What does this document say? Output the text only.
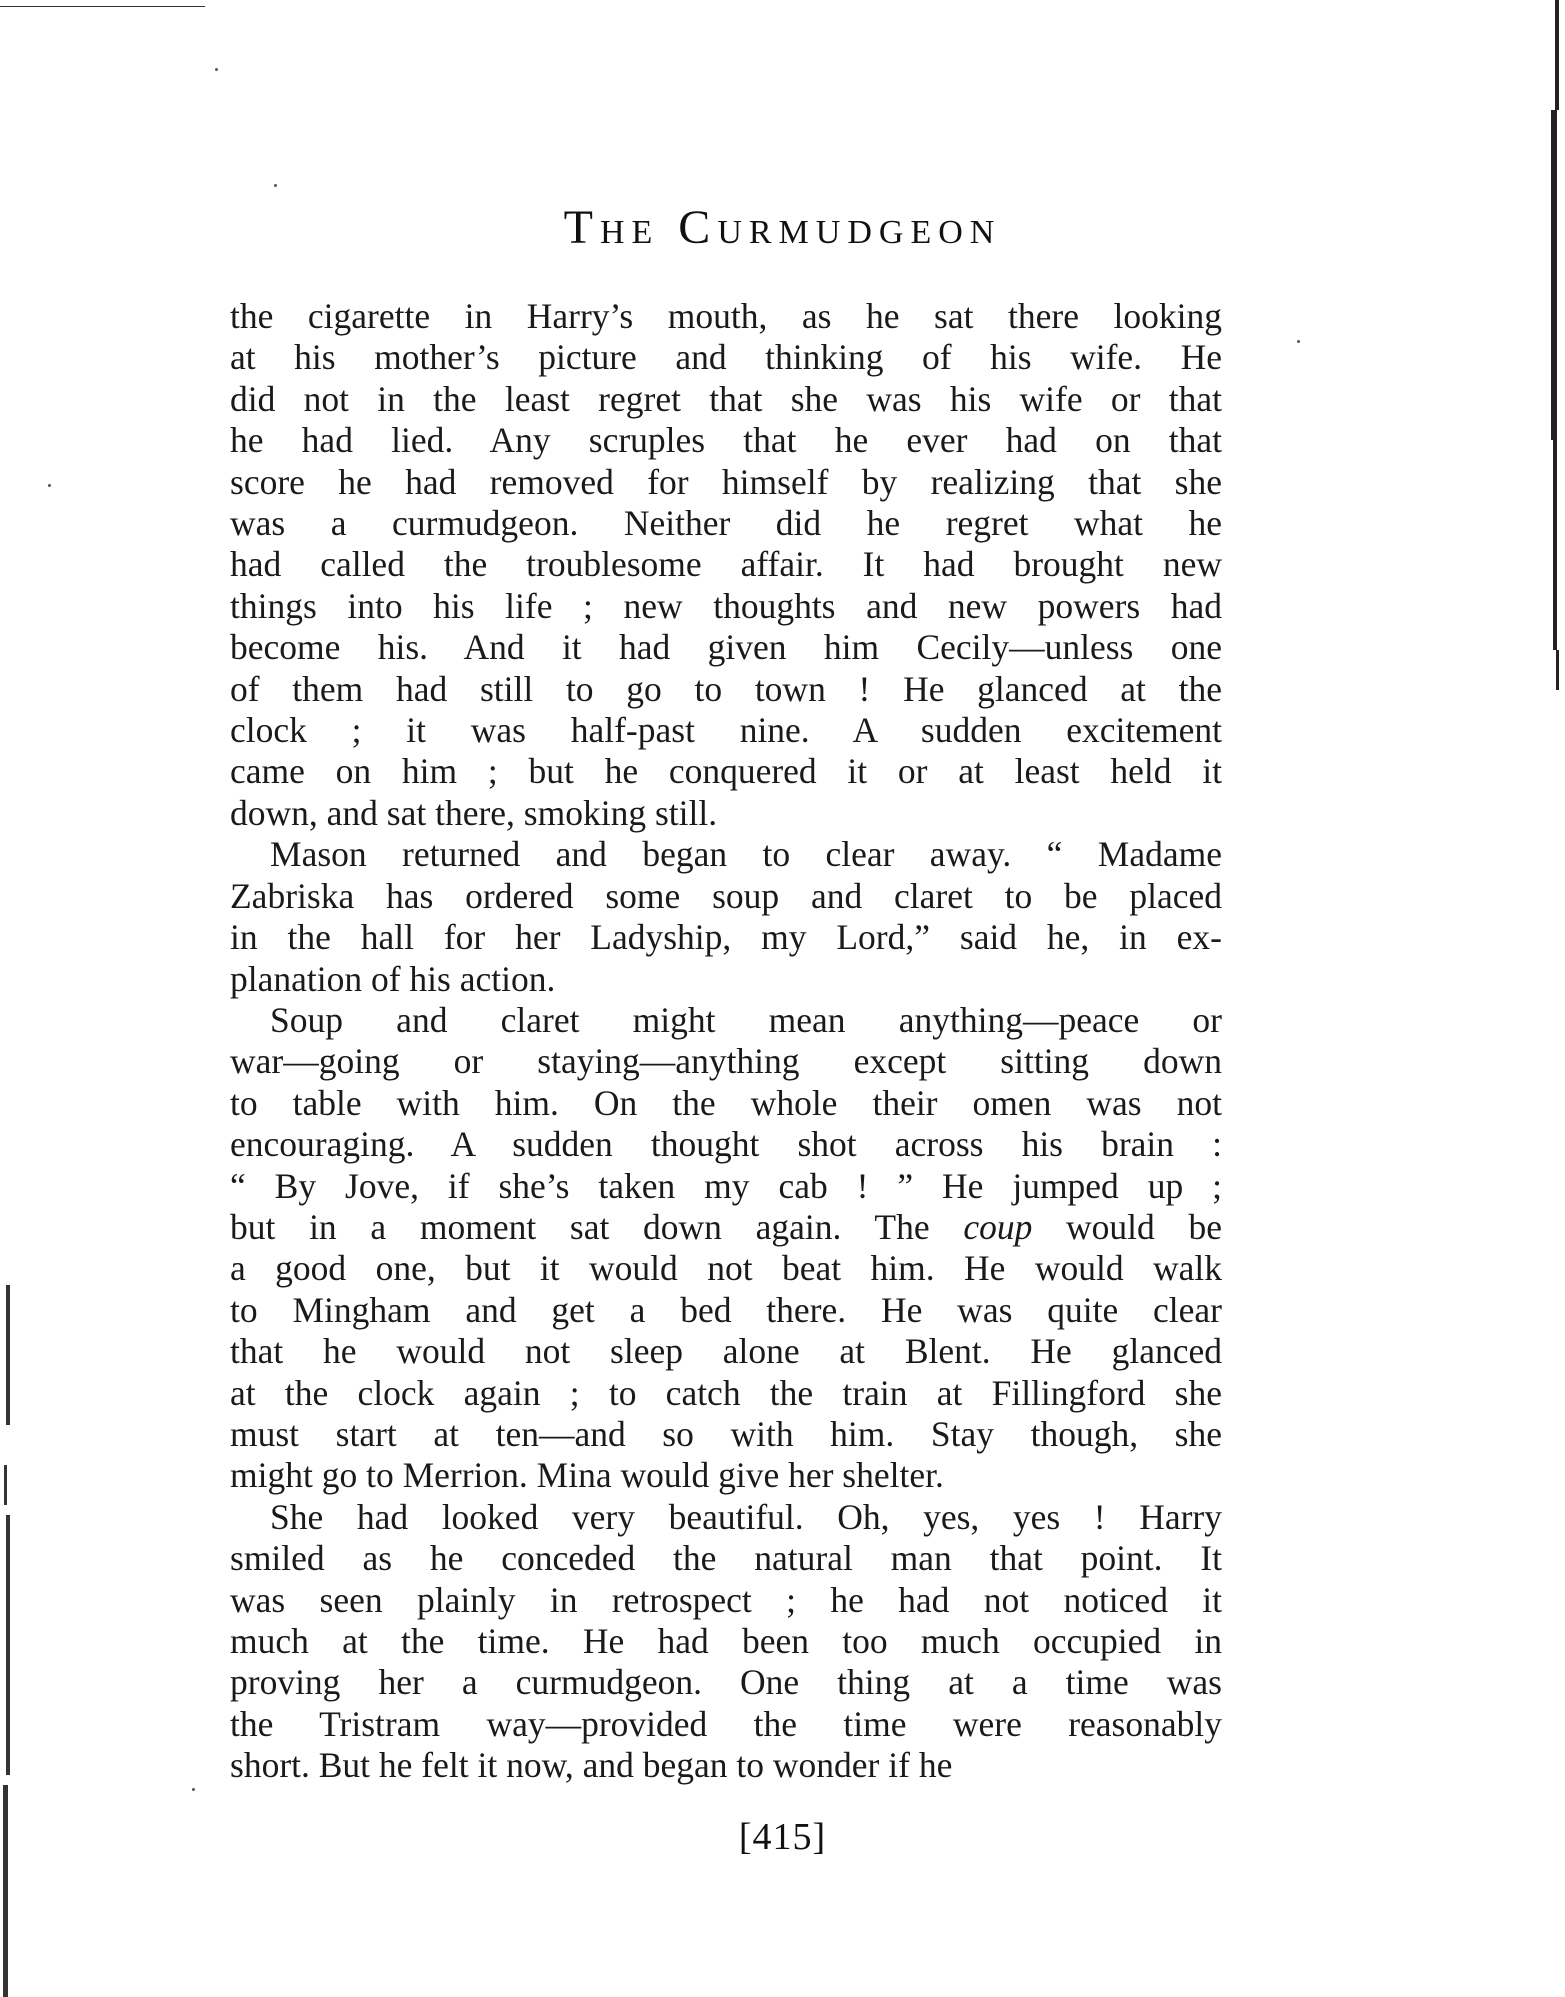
The Curmudgeon
the cigarette in Harry’s mouth, as he sat there looking
at his mother’s picture and thinking of his wife. He
did not in the least regret that she was his wife or that
he had lied. Any scruples that he ever had on that
score he had removed for himself by realizing that she
was a curmudgeon. Neither did he regret what he
had called the troublesome affair. It had brought new
things into his life ; new thoughts and new powers had
become his. And it had given him Cecily—unless one
of them had still to go to town ! He glanced at the
clock ; it was half-past nine. A sudden excitement
came on him ; but he conquered it or at least held it
down, and sat there, smoking still.
Mason returned and began to clear away. “ Madame
Zabriska has ordered some soup and claret to be placed
in the hall for her Ladyship, my Lord,” said he, in ex-
planation of his action.
Soup and claret might mean anything—peace or
war—going or staying—anything except sitting down
to table with him. On the whole their omen was not
encouraging. A sudden thought shot across his brain :
“ By Jove, if she’s taken my cab ! ” He jumped up ;
but in a moment sat down again. The coup would be
a good one, but it would not beat him. He would walk
to Mingham and get a bed there. He was quite clear
that he would not sleep alone at Blent. He glanced
at the clock again ; to catch the train at Fillingford she
must start at ten—and so with him. Stay though, she
might go to Merrion. Mina would give her shelter.
She had looked very beautiful. Oh, yes, yes ! Harry
smiled as he conceded the natural man that point. It
was seen plainly in retrospect ; he had not noticed it
much at the time. He had been too much occupied in
proving her a curmudgeon. One thing at a time was
the Tristram way—provided the time were reasonably
short. But he felt it now, and began to wonder if he
[415]
